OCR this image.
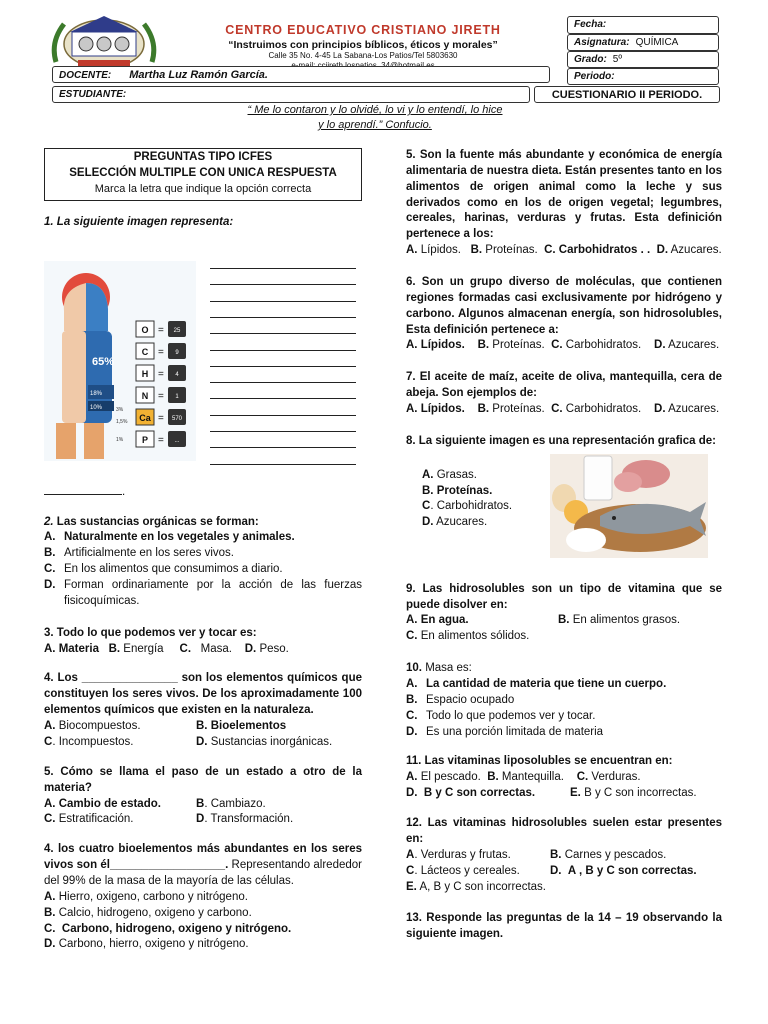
CENTRO EDUCATIVO CRISTIANO JIRETH
“Instruimos con principios bíblicos, éticos y morales”
Calle 35 No. 4-45 La Sabana-Los Patios/Tel 5803630
Fecha:
Asignatura: QUÍMICA
Grado: 5º
Periodo:
DOCENTE: Martha Luz Ramón García.
ESTUDIANTE:	CUESTIONARIO II PERIODO.
“ Me lo contaron y lo olvidé, lo vi y lo entendí, lo hice
y lo aprendí.” Confucio.
PREGUNTAS TIPO ICFES
SELECCIÓN MULTIPLE CON UNICA RESPUESTA
Marca la letra que indique la opción correcta
1. La siguiente imagen representa:
65%
18%
10%	3%
1,5%
1%
O = 25
C = 9
H = 4
N = 1
Ca = 570
P = ...
.
2. Las sustancias orgánicas se forman:
A. Naturalmente en los vegetales y animales.
B. Artificialmente en los seres vivos.
C. En los alimentos que consumimos a diario.
D. Forman ordinariamente por la acción de las fuerzas fisicoquímicas.
3. Todo lo que podemos ver y tocar es:
A. Materia B. Energía C. Masa. D. Peso.
4. Los _______________ son los elementos químicos que constituyen los seres vivos. De los aproximadamente 100 elementos químicos que existen en la naturaleza.
A. Biocompuestos.	B. Bioelementos
C. Incompuestos.	D. Sustancias inorgánicas.
5. Cómo se llama el paso de un estado a otro de la materia?
A. Cambio de estado.	B. Cambiazo.
C. Estratificación.	D. Transformación.
4. los cuatro bioelementos más abundantes en los seres vivos son él__________________. Representando alrededor del 99% de la masa de la mayoría de las células.
A.
Hierro, oxigeno, carbono y nitrógeno.
B.
Calcio, hidrogeno, oxigeno y carbono.
C.
Carbono, hidrogeno, oxigeno y nitrógeno.
D.
Carbono, hierro, oxigeno y nitrógeno.
5. Son la fuente más abundante y económica de energía alimentaria de nuestra dieta. Están presentes tanto en los alimentos de origen animal como la leche y sus derivados como en los de origen vegetal; legumbres, cereales, harinas, verduras y frutas. Esta definición pertenece a los:
A. Lípidos. B. Proteínas. C. Carbohidratos . . D. Azucares.
6. Son un grupo diverso de moléculas, que contienen regiones formadas casi exclusivamente por hidrógeno y carbono. Algunos almacenan energía, son hidrosolubles, Esta definición pertenece a:
A. Lípidos. B. Proteínas. C. Carbohidratos. D. Azucares.
7. El aceite de maíz, aceite de oliva, mantequilla, cera de abeja. Son ejemplos de:
A. Lípidos. B. Proteínas. C. Carbohidratos. D. Azucares.
8. La siguiente imagen es una representación grafica de:
A. Grasas.
B. Proteínas.
C. Carbohidratos.
D. Azucares.
9. Las hidrosolubles son un tipo de vitamina que se puede disolver en:
A. En agua.	B. En alimentos grasos.
C. En alimentos sólidos.
10. Masa es:
A. La cantidad de materia que tiene un cuerpo.
B. Espacio ocupado
C. Todo lo que podemos ver y tocar.
D. Es una porción limitada de materia
11. Las vitaminas liposolubles se encuentran en:
A. El pescado. B. Mantequilla. C. Verduras.
D. B y C son correctas.	E. B y C son incorrectas.
12. Las vitaminas hidrosolubles suelen estar presentes en:
A. Verduras y frutas.	B. Carnes y pescados.
C. Lácteos y cereales.	D. A , B y C son correctas.
E. A, B y C son incorrectas.
13. Responde las preguntas de la 14 – 19 observando la siguiente imagen.
